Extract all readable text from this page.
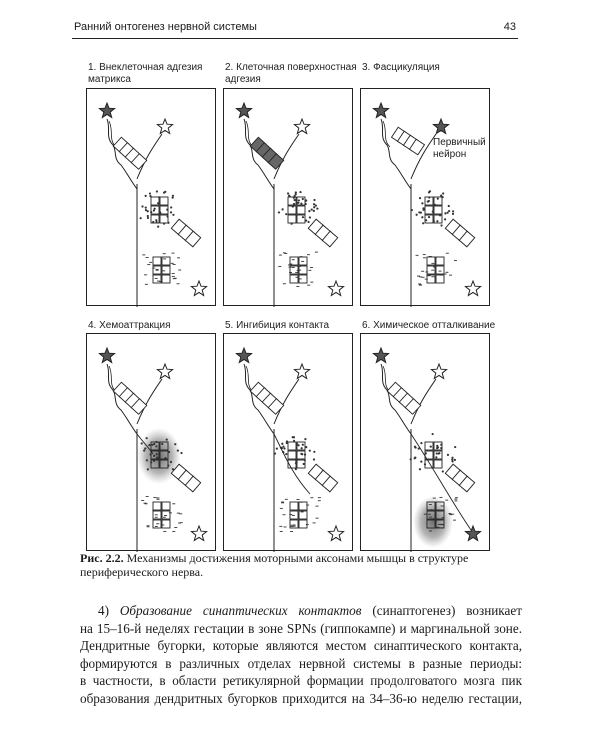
Ранний онтогенез нервной системы	43
1. Внеклеточная адгезия
матрикса
2. Клеточная поверхностная
адгезия
3. Фасцикуляция
Первичный
нейрон
4. Хемоаттракция	5. Ингибиция контакта	6. Химическое отталкивание
Рис. 2.2. Механизмы достижения моторными аксонами мышцы в структуре периферического нерва.
4) Образование синаптических контактов (синаптогенез) возникает
на 15–16-й неделях гестации в зоне SPNs (гиппокампе) и маргинальной зоне.
Дендритные бугорки, которые являются местом синаптического контакта,
формируются в различных отделах нервной системы в разные периоды:
в частности, в области ретикулярной формации продолговатого мозга пик
образования дендритных бугорков приходится на 34–36-ю неделю гестации,
